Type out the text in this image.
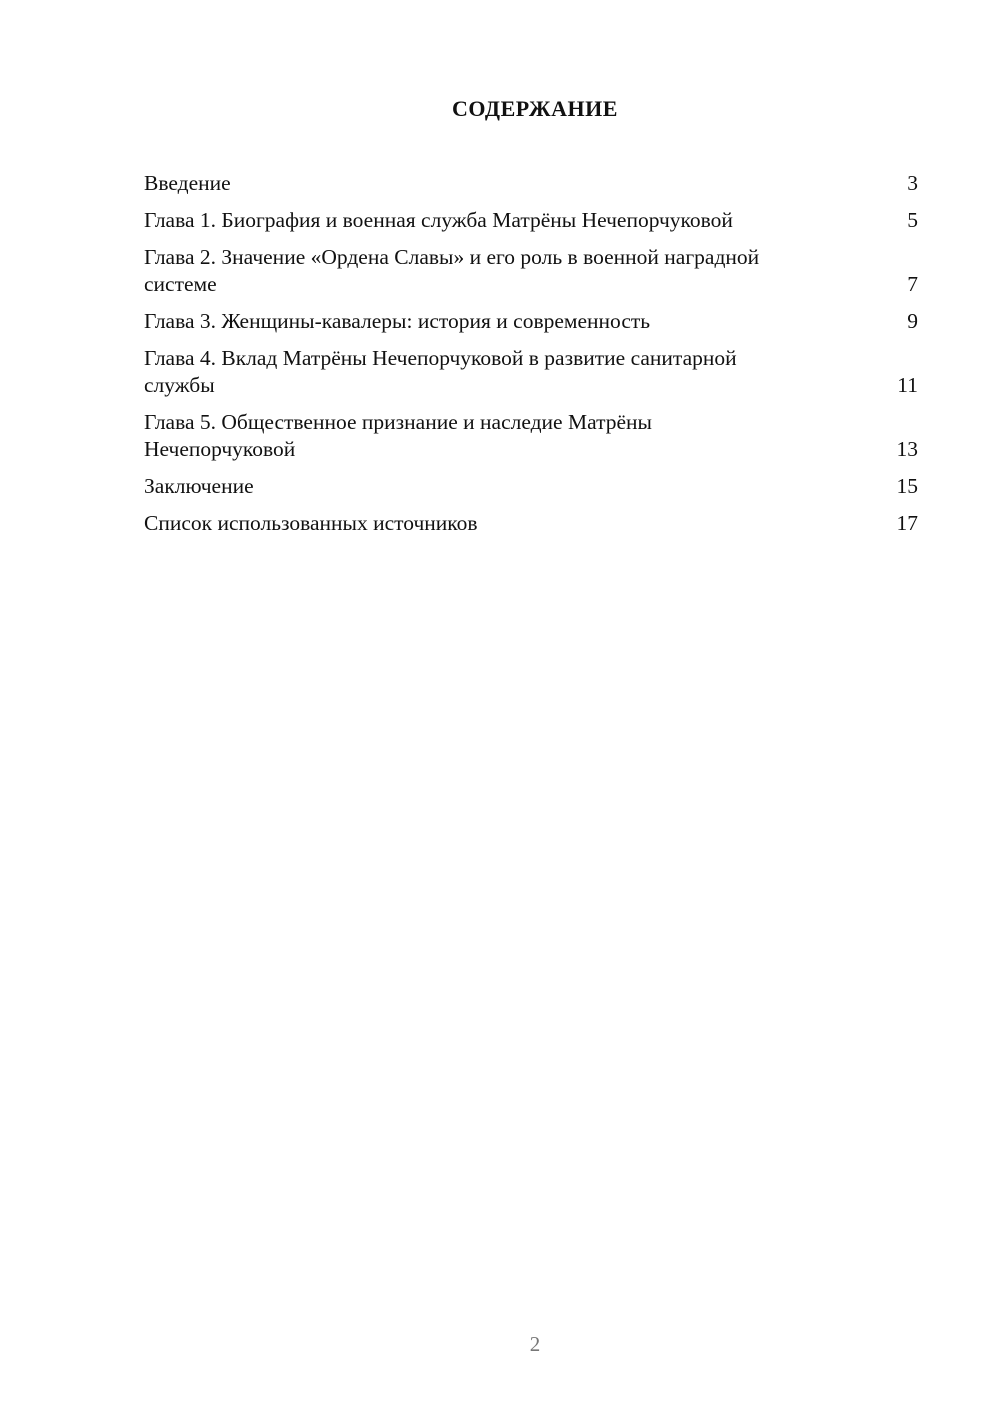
СОДЕРЖАНИЕ
Введение	3
Глава 1. Биография и военная служба Матрёны Нечепорчуковой	5
Глава 2. Значение «Ордена Славы» и его роль в военной наградной системе	7
Глава 3. Женщины-кавалеры: история и современность	9
Глава 4. Вклад Матрёны Нечепорчуковой в развитие санитарной службы	11
Глава 5. Общественное признание и наследие Матрёны Нечепорчуковой	13
Заключение	15
Список использованных источников	17
2
